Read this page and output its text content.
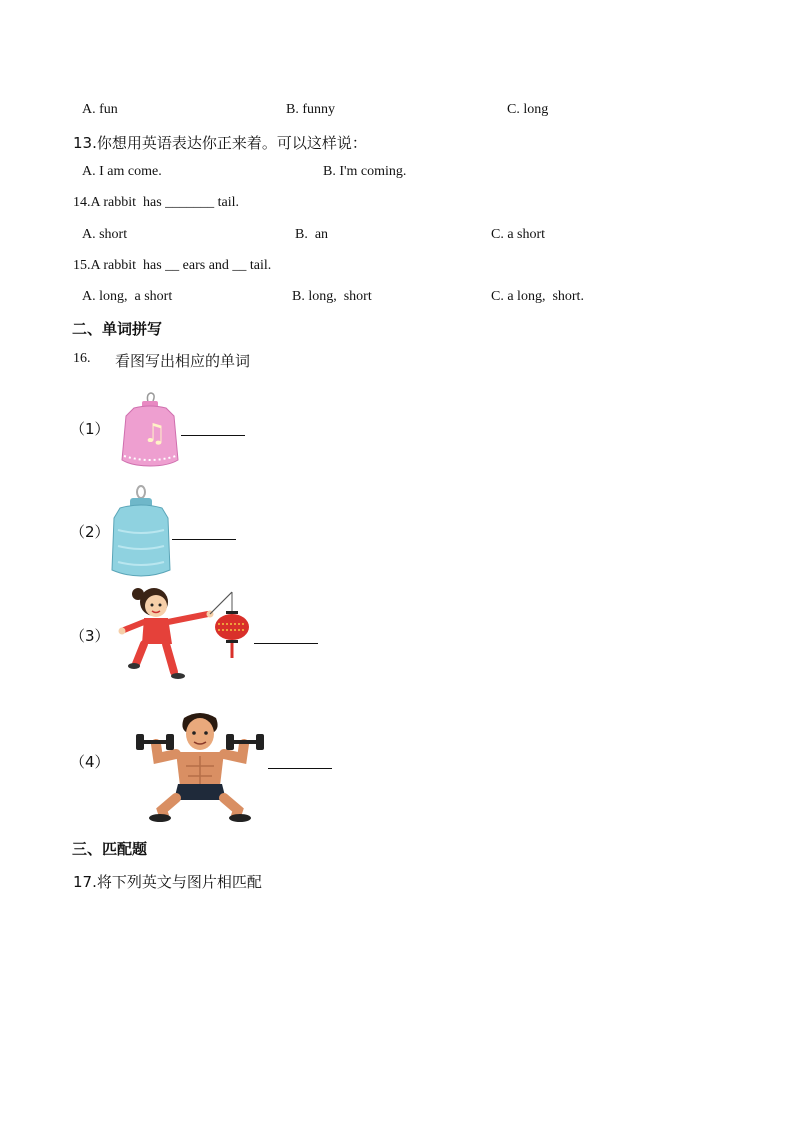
A. fun	B. funny	C. long
13.你想用英语表达你正来着。可以这样说：
A. I am come.	B. I'm coming.
14.A rabbit  has _______ tail.
A. short	B.  an	C. a short
15.A rabbit  has __ ears and __ tail.
A. long,  a short	B. long,  short	C. a long,  short.
二、单词拼写
16. 看图写出相应的单词
（1） ♫
（2）
（3）
（4）
三、匹配题
17.将下列英文与图片相匹配
